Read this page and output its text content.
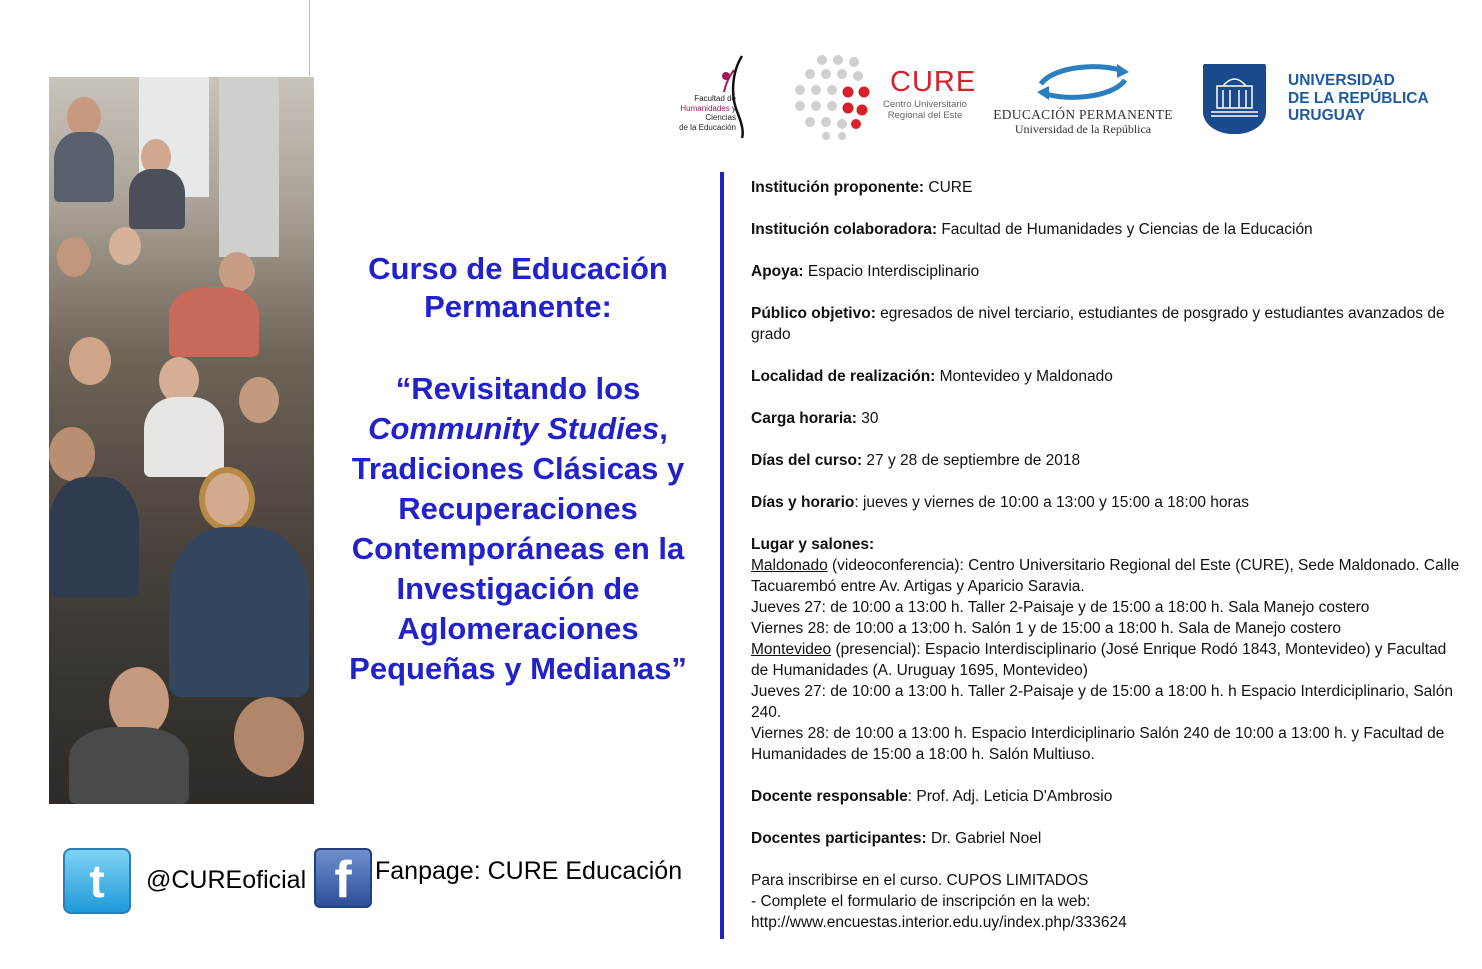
Curso de Educación
Permanente:
“Revisitando los
Community Studies,
Tradiciones Clásicas y
Recuperaciones
Contemporáneas en la
Investigación de
Aglomeraciones
Pequeñas y Medianas”
t @CUREoficial f Fanpage: CURE Educación
Facultad de
Humanidades y
Ciencias
de la Educación
CURE
Centro Universitario
Regional del Este	EDUCACIÓN PERMANENTE
Universidad de la República
UNIVERSIDAD
DE LA REPÚBLICA
URUGUAY
Institución proponente: CURE
Institución colaboradora: Facultad de Humanidades y Ciencias de la Educación
Apoya: Espacio Interdisciplinario
Público objetivo: egresados de nivel terciario, estudiantes de posgrado y estudiantes avanzados de grado
Localidad de realización: Montevideo y Maldonado
Carga horaria: 30
Días del curso: 27 y 28 de septiembre de 2018
Días y horario: jueves y viernes de 10:00 a 13:00 y 15:00 a 18:00 horas
Lugar y salones:
Maldonado (videoconferencia): Centro Universitario Regional del Este (CURE), Sede Maldonado. Calle Tacuarembó entre Av. Artigas y Aparicio Saravia.
Jueves 27: de 10:00 a 13:00 h. Taller 2-Paisaje y de 15:00 a 18:00 h. Sala Manejo costero
Viernes 28: de 10:00 a 13:00 h. Salón 1 y de 15:00 a 18:00 h. Sala de Manejo costero
Montevideo (presencial): Espacio Interdisciplinario (José Enrique Rodó 1843, Montevideo) y Facultad de Humanidades (A. Uruguay 1695, Montevideo)
Jueves 27: de 10:00 a 13:00 h. Taller 2-Paisaje y de 15:00 a 18:00 h. h Espacio Interdiciplinario, Salón 240.
Viernes 28: de 10:00 a 13:00 h. Espacio Interdiciplinario Salón 240 de 10:00 a 13:00 h. y Facultad de Humanidades de 15:00 a 18:00 h. Salón Multiuso.
Docente responsable: Prof. Adj. Leticia D'Ambrosio
Docentes participantes: Dr. Gabriel Noel
Para inscribirse en el curso. CUPOS LIMITADOS
- Complete el formulario de inscripción en la web:
http://www.encuestas.interior.edu.uy/index.php/333624
